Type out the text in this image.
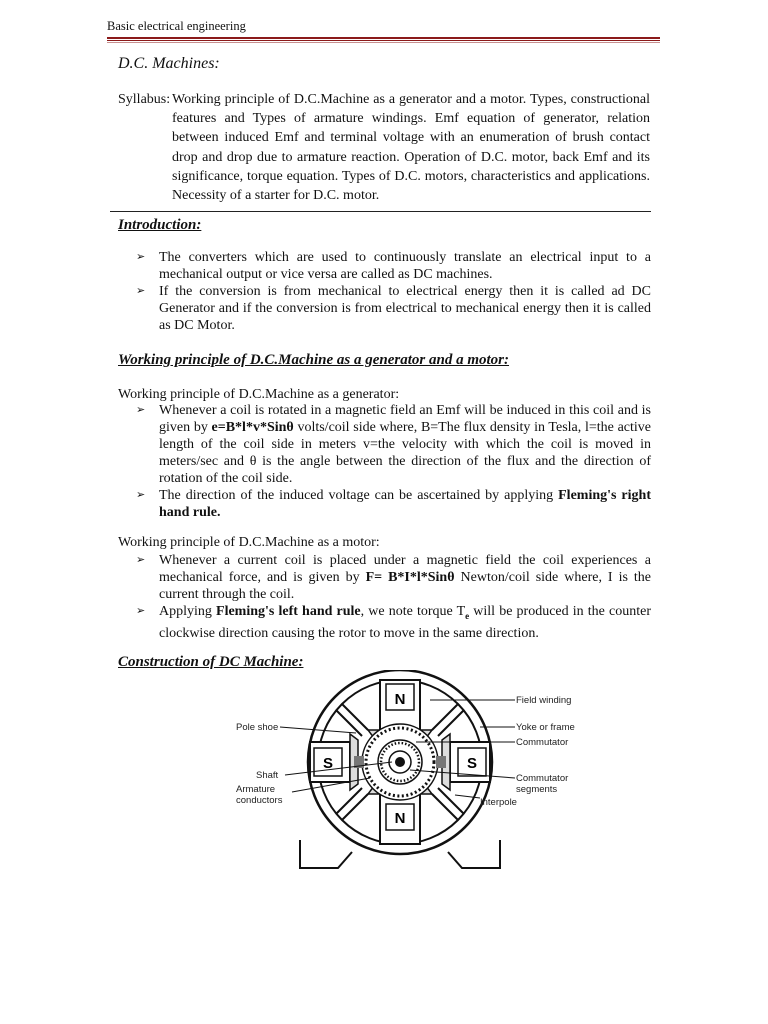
Basic electrical engineering
D.C. Machines:
Syllabus: Working principle of D.C.Machine as a generator and a motor. Types, constructional features and Types of armature windings. Emf equation of generator, relation between induced Emf and terminal voltage with an enumeration of brush contact drop and drop due to armature reaction. Operation of D.C. motor, back Emf and its significance, torque equation. Types of D.C. motors, characteristics and applications. Necessity of a starter for D.C. motor.
Introduction:

➢ The converters which are used to continuously translate an electrical input to a mechanical output or vice versa are called as DC machines.

➢ If the conversion is from mechanical to electrical energy then it is called ad DC Generator and if the conversion is from electrical to mechanical energy then it is called as DC Motor.

Working principle of D.C.Machine as a generator and a motor:
Working principle of D.C.Machine as a generator:

➢ Whenever a coil is rotated in a magnetic field an Emf will be induced in this coil and is given by e=B*l*v*Sinθ volts/coil side where, B=The flux density in Tesla, l=the active length of the coil side in meters v=the velocity with which the coil is moved in meters/sec and θ is the angle between the direction of the flux and the direction of rotation of the coil side.

➢ The direction of the induced voltage can be ascertained by applying Fleming's right hand rule.

Working principle of D.C.Machine as a motor:

➢ Whenever a current coil is placed under a magnetic field the coil experiences a mechanical force, and is given by F= B*I*l*Sinθ Newton/coil side where, I is the current through the coil.

➢ Applying Fleming's left hand rule, we note torque $T_e$ will be produced in the counter clockwise direction causing the rotor to move in the same direction.

Construction of DC Machine:
N
N
S	S
Field winding
Yoke or frame
Commutator
Commutator
segments
Interpole
Pole shoe
Shaft
Armature
conductors
